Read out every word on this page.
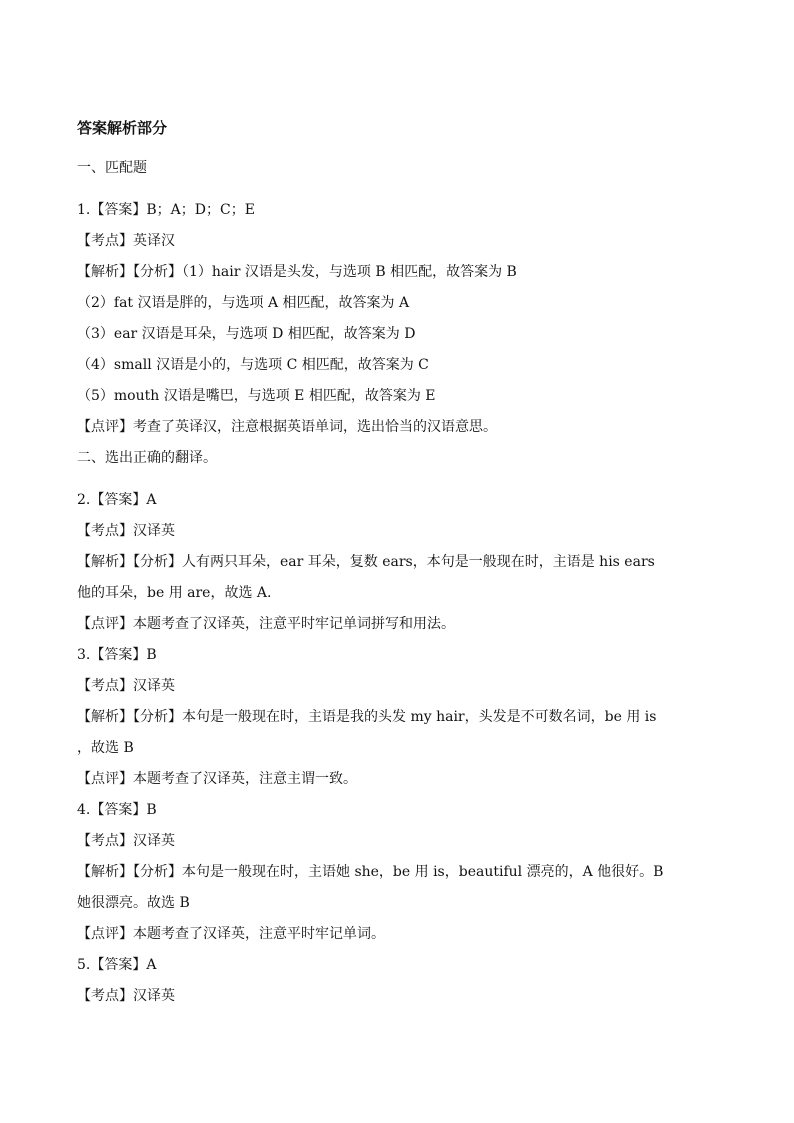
答案解析部分
一、匹配题
1.【答案】B；A；D；C；E
【考点】英译汉
【解析】【分析】（1）hair 汉语是头发，与选项 B 相匹配，故答案为 B
（2）fat 汉语是胖的，与选项 A 相匹配，故答案为 A
（3）ear 汉语是耳朵，与选项 D 相匹配，故答案为 D
（4）small 汉语是小的，与选项 C 相匹配，故答案为 C
（5）mouth 汉语是嘴巴，与选项 E 相匹配，故答案为 E
【点评】考查了英译汉，注意根据英语单词，选出恰当的汉语意思。
二、选出正确的翻译。
2.【答案】A
【考点】汉译英
【解析】【分析】人有两只耳朵，ear 耳朵，复数 ears，本句是一般现在时，主语是 his ears
他的耳朵，be 用 are，故选 A.
【点评】本题考查了汉译英，注意平时牢记单词拼写和用法。
3.【答案】B
【考点】汉译英
【解析】【分析】本句是一般现在时，主语是我的头发 my hair，头发是不可数名词，be 用 is
，故选 B
【点评】本题考查了汉译英，注意主谓一致。
4.【答案】B
【考点】汉译英
【解析】【分析】本句是一般现在时，主语她 she，be 用 is，beautiful 漂亮的，A 他很好。B
她很漂亮。故选 B
【点评】本题考查了汉译英，注意平时牢记单词。
5.【答案】A
【考点】汉译英
